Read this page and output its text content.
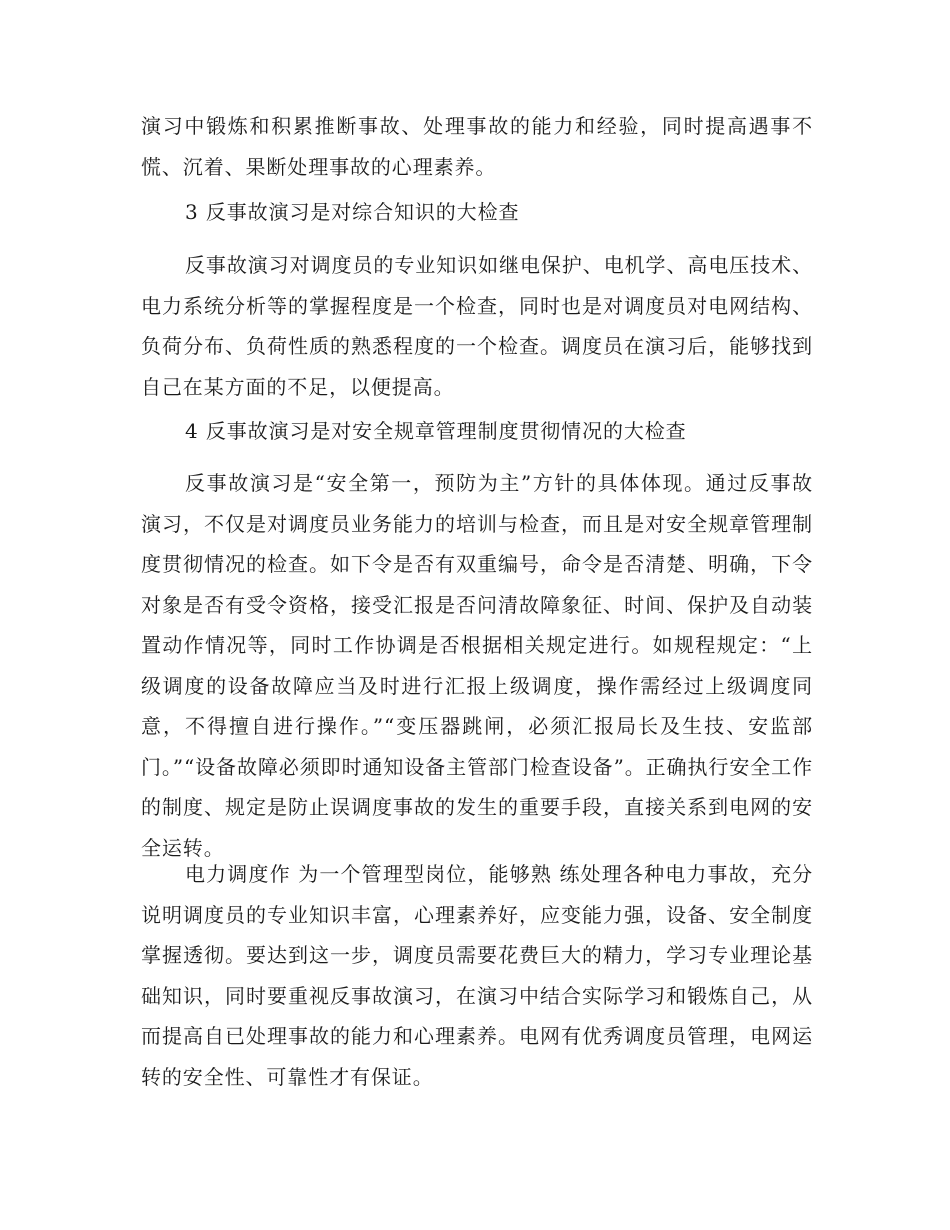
演习中锻炼和积累推断事故、处理事故的能力和经验，同时提高遇事不慌、沉着、果断处理事故的心理素养。

3 反事故演习是对综合知识的大检查

反事故演习对调度员的专业知识如继电保护、电机学、高电压技术、电力系统分析等的掌握程度是一个检查，同时也是对调度员对电网结构、负荷分布、负荷性质的熟悉程度的一个检查。调度员在演习后，能够找到自己在某方面的不足，以便提高。

4 反事故演习是对安全规章管理制度贯彻情况的大检查

反事故演习是“安全第一，预防为主”方针的具体体现。通过反事故演习，不仅是对调度员业务能力的培训与检查，而且是对安全规章管理制度贯彻情况的检查。如下令是否有双重编号，命令是否清楚、明确，下令对象是否有受令资格，接受汇报是否问清故障象征、时间、保护及自动装置动作情况等，同时工作协调是否根据相关规定进行。如规程规定：“上级调度的设备故障应当及时进行汇报上级调度，操作需经过上级调度同意，不得擅自进行操作。”“变压器跳闸，必须汇报局长及生技、安监部门。”“设备故障必须即时通知设备主管部门检查设备”。正确执行安全工作的制度、规定是防止误调度事故的发生的重要手段，直接关系到电网的安全运转。

电力调度作 为一个管理型岗位，能够熟 练处理各种电力事故，充分说明调度员的专业知识丰富，心理素养好，应变能力强，设备、安全制度掌握透彻。要达到这一步，调度员需要花费巨大的精力，学习专业理论基础知识，同时要重视反事故演习，在演习中结合实际学习和锻炼自己，从而提高自已处理事故的能力和心理素养。电网有优秀调度员管理，电网运转的安全性、可靠性才有保证。
